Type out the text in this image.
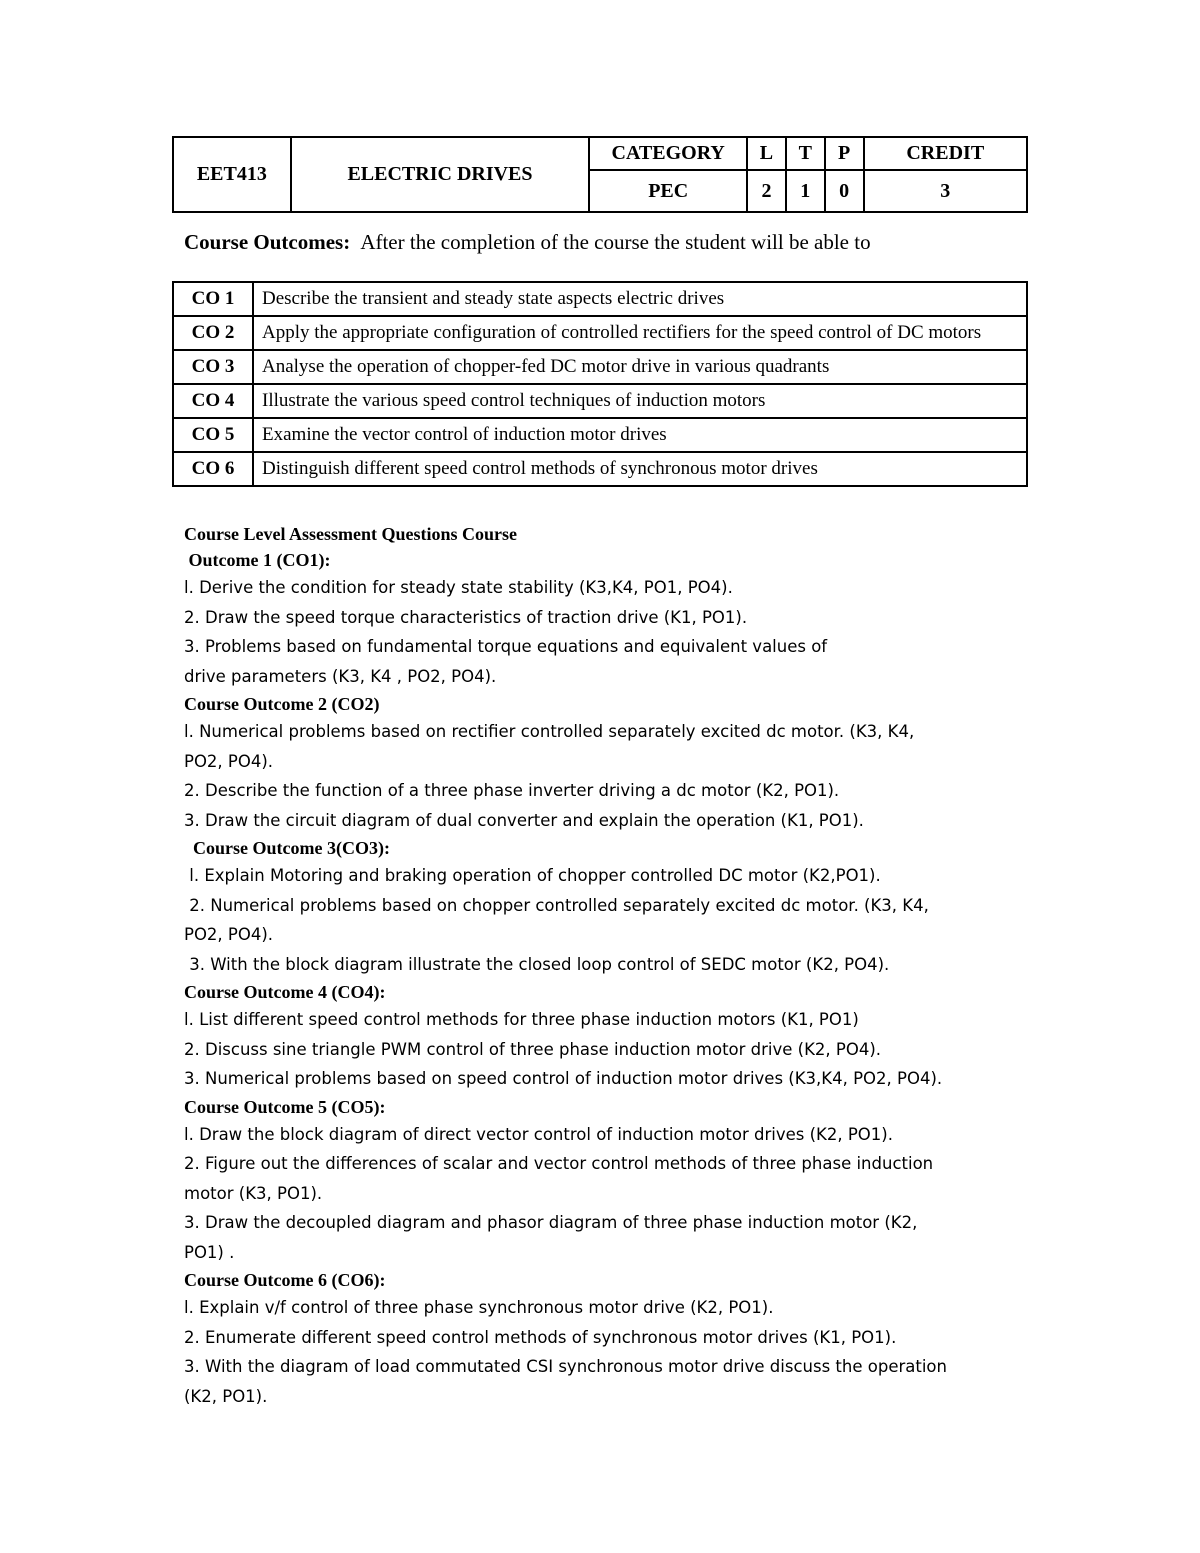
EET413	ELECTRIC DRIVES	CATEGORY	L	T	P	CREDIT
		PEC	2	1	0	3
Course Outcomes: After the completion of the course the student will be able to
CO 1	Describe the transient and steady state aspects electric drives
CO 2	Apply the appropriate configuration of controlled rectifiers for the speed control of DC motors
CO 3	Analyse the operation of chopper-fed DC motor drive in various quadrants
CO 4	Illustrate the various speed control techniques of induction motors
CO 5	Examine the vector control of induction motor drives
CO 6	Distinguish different speed control methods of synchronous motor drives
Course Level Assessment Questions Course
Outcome 1 (CO1):
l. Derive the condition for steady state stability (K3,K4, PO1, PO4).
2. Draw the speed torque characteristics of traction drive (K1, PO1).
3. Problems based on fundamental torque equations and equivalent values of
drive parameters (K3, K4 , PO2, PO4).
Course Outcome 2 (CO2)
l. Numerical problems based on rectifier controlled separately excited dc motor. (K3, K4,
PO2, PO4).
2. Describe the function of a three phase inverter driving a dc motor (K2, PO1).
3. Draw the circuit diagram of dual converter and explain the operation (K1, PO1).
Course Outcome 3(CO3):
l. Explain Motoring and braking operation of chopper controlled DC motor (K2,PO1).
2. Numerical problems based on chopper controlled separately excited dc motor. (K3, K4,
PO2, PO4).
3. With the block diagram illustrate the closed loop control of SEDC motor (K2, PO4).
Course Outcome 4 (CO4):
l. List different speed control methods for three phase induction motors (K1, PO1)
2. Discuss sine triangle PWM control of three phase induction motor drive (K2, PO4).
3. Numerical problems based on speed control of induction motor drives (K3,K4, PO2, PO4).
Course Outcome 5 (CO5):
l. Draw the block diagram of direct vector control of induction motor drives (K2, PO1).
2. Figure out the differences of scalar and vector control methods of three phase induction
motor (K3, PO1).
3. Draw the decoupled diagram and phasor diagram of three phase induction motor (K2,
PO1) .
Course Outcome 6 (CO6):
l. Explain v/f control of three phase synchronous motor drive (K2, PO1).
2. Enumerate different speed control methods of synchronous motor drives (K1, PO1).
3. With the diagram of load commutated CSI synchronous motor drive discuss the operation
(K2, PO1).
